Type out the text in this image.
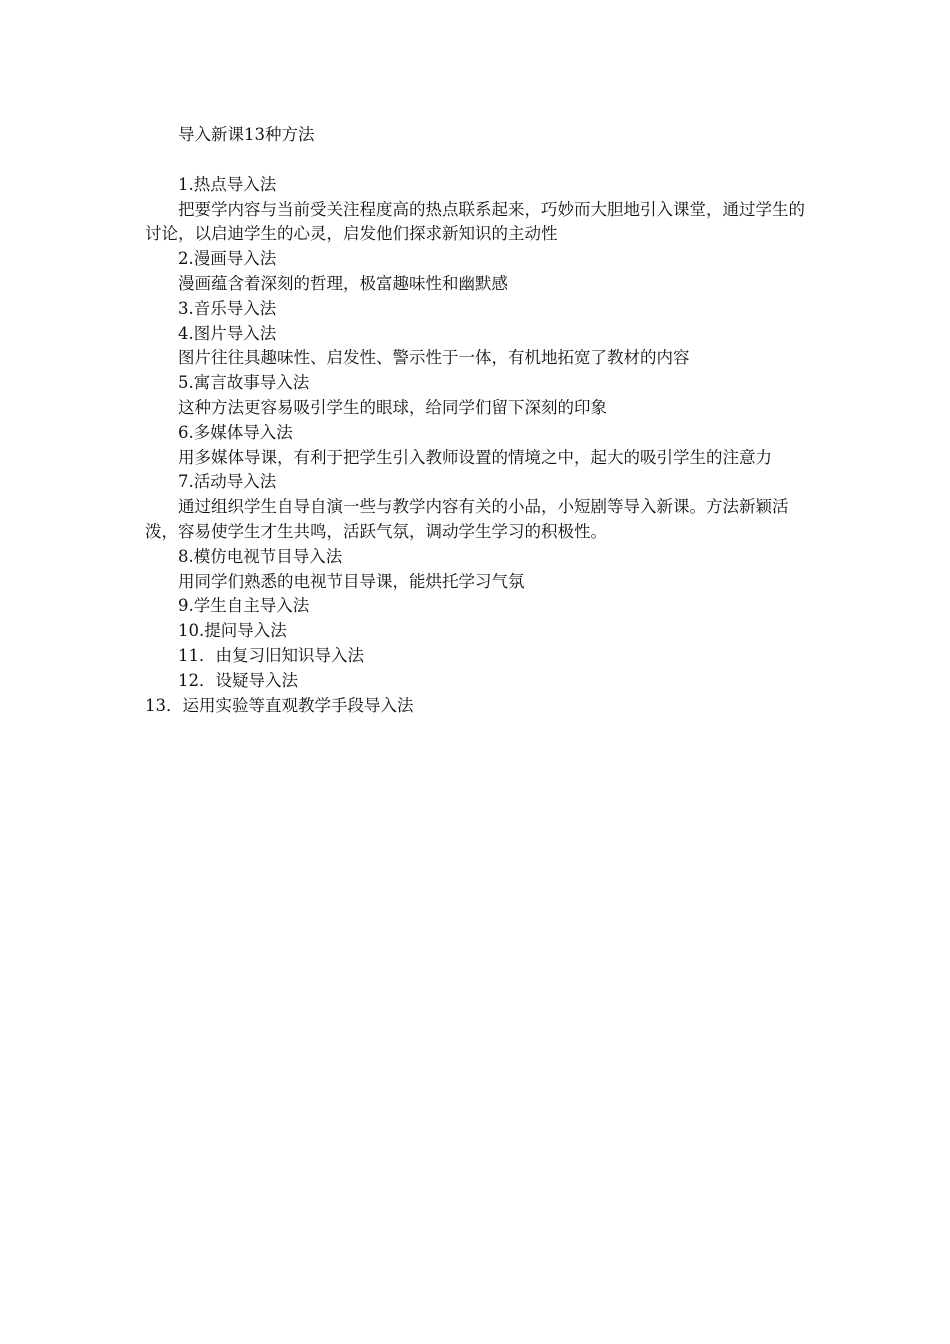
导入新课13种方法

1.热点导入法

把要学内容与当前受关注程度高的热点联系起来，巧妙而大胆地引入课堂，通过学生的讨论，以启迪学生的心灵，启发他们探求新知识的主动性

2.漫画导入法

漫画蕴含着深刻的哲理，极富趣味性和幽默感

3.音乐导入法

4.图片导入法

图片往往具趣味性、启发性、警示性于一体，有机地拓宽了教材的内容

5.寓言故事导入法

这种方法更容易吸引学生的眼球，给同学们留下深刻的印象

6.多媒体导入法

用多媒体导课，有利于把学生引入教师设置的情境之中，起大的吸引学生的注意力

7.活动导入法

通过组织学生自导自演一些与教学内容有关的小品，小短剧等导入新课。方法新颖活泼，容易使学生才生共鸣，活跃气氛，调动学生学习的积极性。

8.模仿电视节目导入法

用同学们熟悉的电视节目导课，能烘托学习气氛

9.学生自主导入法

10.提问导入法

11．由复习旧知识导入法

12．设疑导入法

13．运用实验等直观教学手段导入法
